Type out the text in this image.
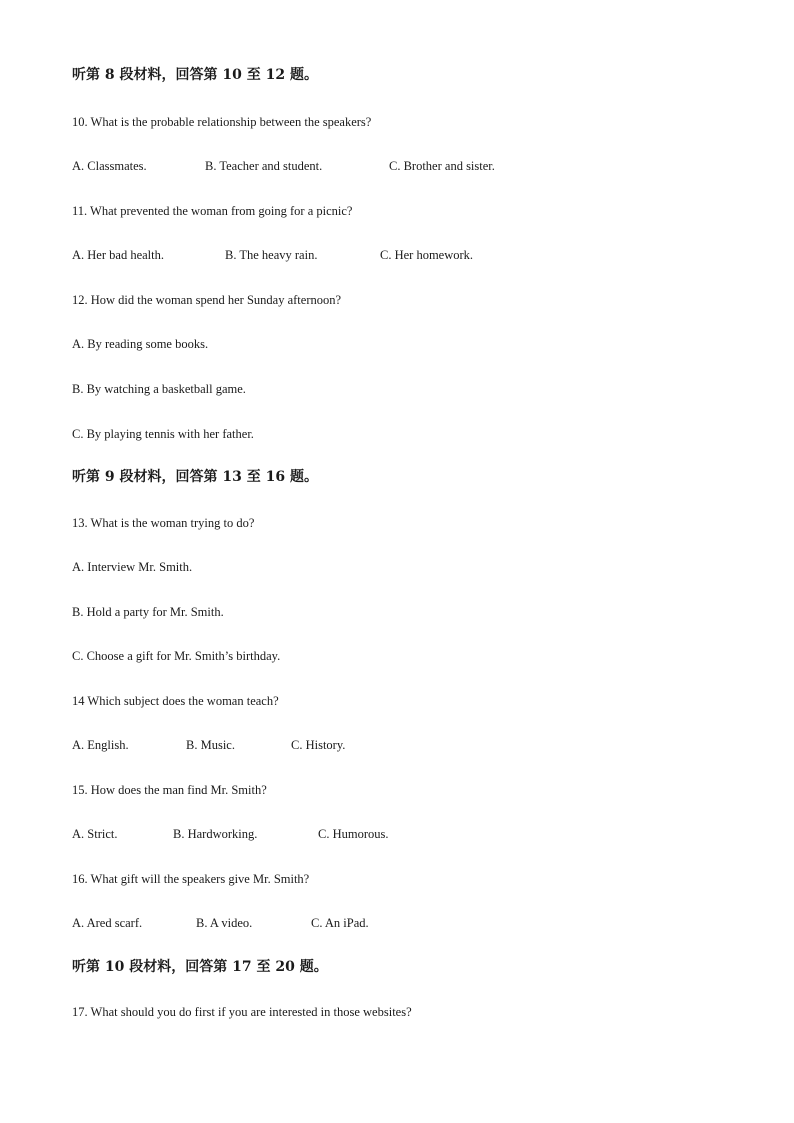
听第 8 段材料，回答第 10 至 12 题。
10. What is the probable relationship between the speakers?
A. Classmates.	B. Teacher and student.	C. Brother and sister.
11. What prevented the woman from going for a picnic?
A. Her bad health.	B. The heavy rain.	C. Her homework.
12. How did the woman spend her Sunday afternoon?
A. By reading some books.
B. By watching a basketball game.
C. By playing tennis with her father.
听第 9 段材料，回答第 13 至 16 题。
13. What is the woman trying to do?
A. Interview Mr. Smith.
B. Hold a party for Mr. Smith.
C. Choose a gift for Mr. Smith’s birthday.
14 Which subject does the woman teach?
A. English.	B. Music.	C. History.
15. How does the man find Mr. Smith?
A. Strict.	B. Hardworking.	C. Humorous.
16. What gift will the speakers give Mr. Smith?
A. Ared scarf.	B. A video.	C. An iPad.
听第 10 段材料，回答第 17 至 20 题。
17. What should you do first if you are interested in those websites?
